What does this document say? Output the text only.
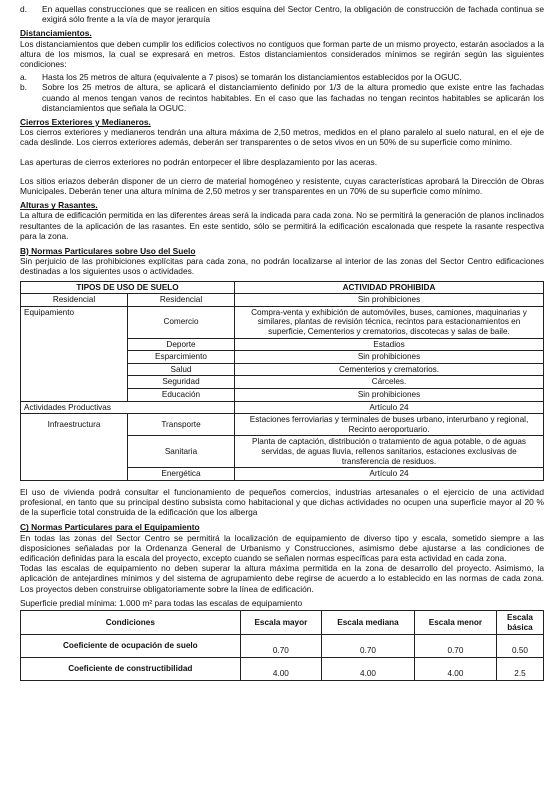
d.	En aquellas construcciones que se realicen en sitios esquina del Sector Centro, la obligación de construcción de fachada continua se exigirá sólo frente a la vía de mayor jerarquía
Distanciamientos.

Los distanciamientos que deben cumplir los edificios colectivos no contiguos que forman parte de un mismo proyecto, estarán asociados a la altura de los mismos, la cual se expresará en metros. Estos distanciamientos considerados mínimos se regirán según las siguientes condiciones:

a.	Hasta los 25 metros de altura (equivalente a 7 pisos) se tomarán los distanciamientos establecidos por la OGUC.
b.	Sobre los 25 metros de altura, se aplicará el distanciamiento definido por 1/3 de la altura promedio que existe entre las fachadas cuando al menos tengan vanos de recintos habitables. En el caso que las fachadas no tengan recintos habitables se aplicarán los distanciamientos que señala la OGUC.
Cierros Exteriores y Medianeros.

Los cierros exteriores y medianeros tendrán una altura máxima de 2,50 metros, medidos en el plano paralelo al suelo natural, en el eje de cada deslinde. Los cierros exteriores además, deberán ser transparentes o de setos vivos en un 50% de su superficie como mínimo.

Las aperturas de cierros exteriores no podrán entorpecer el libre desplazamiento por las aceras.

Los sitios eriazos deberán disponer de un cierro de material homogéneo y resistente, cuyas características aprobará la Dirección de Obras Municipales. Deberán tener una altura mínima de 2,50 metros y ser transparentes en un 70% de su superficie como mínimo.

Alturas y Rasantes.

La altura de edificación permitida en las diferentes áreas será la indicada para cada zona. No se permitirá la generación de planos inclinados resultantes de la aplicación de las rasantes. En este sentido, sólo se permitirá la edificación escalonada que respete la rasante respectiva para la zona.

B) Normas Particulares sobre Uso del Suelo

Sin perjuicio de las prohibiciones explícitas para cada zona, no podrán localizarse al interior de las zonas del Sector Centro edificaciones destinadas a los siguientes usos o actividades.

TIPOS DE USO DE SUELO		ACTIVIDAD PROHIBIDA
Residencial	Residencial	Sin prohibiciones
Equipamiento	Comercio	Compra-venta y exhibición de automóviles, buses, camiones, maquinarias y similares, plantas de revisión técnica, recintos para estacionamientos en superficie, Cementerios y crematorios, discotecas y salas de baile.
	Deporte	Estadios
	Esparcimiento	Sin prohibiciones
	Salud	Cementerios y crematorios.
	Seguridad	Cárceles.
	Educación	Sin prohibiciones
Actividades Productivas		Artículo 24
Infraestructura	Transporte	Estaciones ferroviarias y terminales de buses urbano, interurbano y regional, Recinto aeroportuario.
	Sanitaria	Planta de captación, distribución o tratamiento de agua potable, o de aguas servidas, de aguas lluvia, rellenos sanitarios, estaciones exclusivas de transferencia de residuos.
	Energética	Artículo 24

El uso de vivienda podrá consultar el funcionamiento de pequeños comercios, industrias artesanales o el ejercicio de una actividad profesional, en tanto que su principal destino subsista como habitacional y que dichas actividades no ocupen una superficie mayor al 20 % de la superficie total construida de la edificación que los alberga

C) Normas Particulares para el Equipamiento

En todas las zonas del Sector Centro se permitirá la localización de equipamiento de diverso tipo y escala, sometido siempre a las disposiciones señaladas por la Ordenanza General de Urbanismo y Construcciones, asimismo debe ajustarse a las condiciones de edificación definidas para la escala del proyecto, excepto cuando se señalen normas específicas para esta actividad en cada zona.

Todas las escalas de equipamiento no deben superar la altura máxima permitida en la zona de desarrollo del proyecto. Asimismo, la aplicación de antejardines mínimos y del sistema de agrupamiento debe regirse de acuerdo a lo establecido en las normas de cada zona. Los proyectos deben construirse obligatoriamente sobre la línea de edificación.

Superficie predial mínima: 1.000 m² para todas las escalas de equipamiento
Condiciones	Escala mayor	Escala mediana	Escala menor	Escala básica
Coeficiente de ocupación de suelo	0.70	0.70	0.70	0.50
Coeficiente de constructibilidad	4.00	4.00	4.00	2.5
